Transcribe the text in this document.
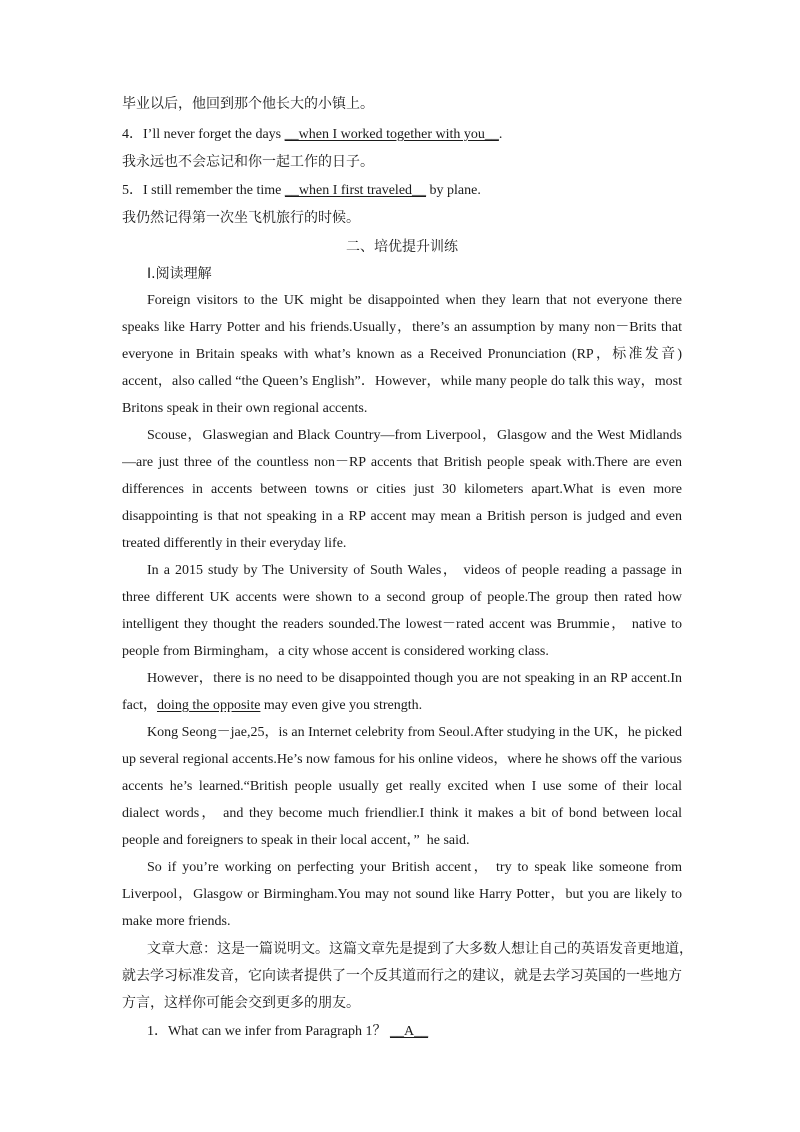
毕业以后，他回到那个他长大的小镇上。
4．I’ll never forget the days __when I worked together with you__.
我永远也不会忘记和你一起工作的日子。
5．I still remember the time __when I first traveled__ by plane.
我仍然记得第一次坐飞机旅行的时候。
二、培优提升训练
I.阅读理解
Foreign visitors to the UK might be disappointed when they learn that not everyone there
speaks like Harry Potter and his friends.Usually，there’s an assumption by many non－Brits that
everyone in Britain speaks with what’s known as a Received Pronunciation (RP，标准发音)
accent，also called “the Queen’s English”．However，while many people do talk this way，most
Britons speak in their own regional accents.
Scouse，Glaswegian and Black Country—from Liverpool，Glasgow and the West Midlands
—are just three of the countless non－RP accents that British people speak with.There are even
differences in accents between towns or cities just 30 kilometers apart.What is even more
disappointing is that not speaking in a RP accent may mean a British person is judged and even
treated differently in their everyday life.
In a 2015 study by The University of South Wales， videos of people reading a passage in
three different UK accents were shown to a second group of people.The group then rated how
intelligent they thought the readers sounded.The lowest－rated accent was Brummie， native to
people from Birmingham，a city whose accent is considered working class.
However，there is no need to be disappointed though you are not speaking in an RP accent.In
fact，doing the opposite may even give you strength.
Kong Seong－jae,25，is an Internet celebrity from Seoul.After studying in the UK，he picked
up several regional accents.He’s now famous for his online videos，where he shows off the various
accents he’s learned.“British people usually get really excited when I use some of their local
dialect words， and they become much friendlier.I think it makes a bit of bond between local
people and foreigners to speak in their local accent，”  he said.
So if you’re working on perfecting your British accent， try to speak like someone from
Liverpool，Glasgow or Birmingham.You may not sound like Harry Potter，but you are likely to
make more friends.
文章大意：这是一篇说明文。这篇文章先是提到了大多数人想让自己的英语发音更地道，
就去学习标准发音，它向读者提供了一个反其道而行之的建议，就是去学习英国的一些地方
方言，这样你可能会交到更多的朋友。
1．What can we infer from Paragraph 1？ __A__
